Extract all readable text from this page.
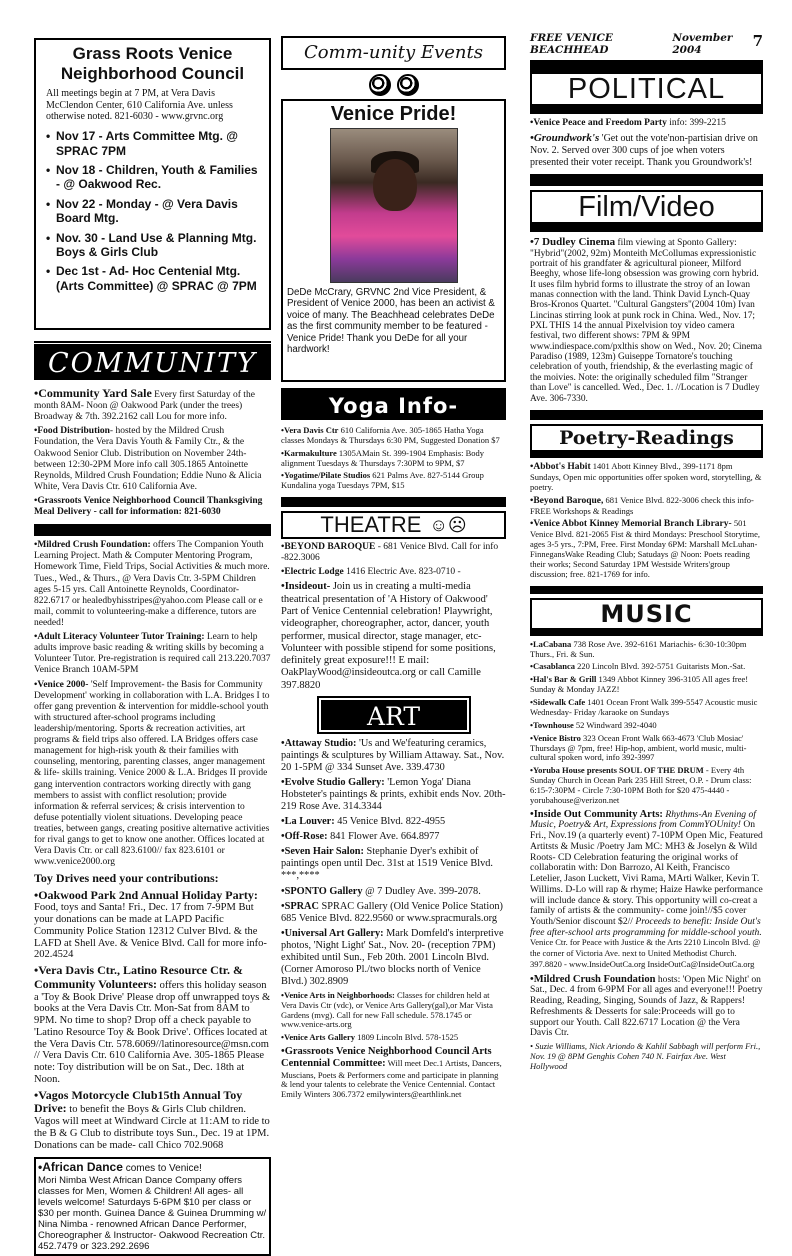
Grass Roots Venice Neighborhood Council

All meetings begin at 7 PM, at Vera Davis McClendon Center, 610 California Ave. unless otherwise noted. 821-6030 - www.grvnc.org

• Nov 17 - Arts Committee Mtg. @ SPRAC 7PM
• Nov 18 - Children, Youth & Families - @ Oakwood Rec.
• Nov 22 - Monday - @ Vera Davis Board Mtg.
• Nov. 30 - Land Use & Planning Mtg. Boys & Girls Club
• Dec 1st - Ad- Hoc Centenial Mtg. (Arts Committee) @ SPRAC @ 7PM
COMMUNITY

• Community Yard Sale Every first Saturday of the month 8AM- Noon @ Oakwood Park (under the trees) Broadway & 7th. 392.2162 call Lou for more info.

• Food Distribution- hosted by the Mildred Crush Foundation, the Vera Davis Youth & Family Ctr., & the Oakwood Senior Club. Distribution on November 24th-between 12:30-2PM More info call 305.1865 Antoinette Reynolds, Mildred Crush Foundation; Eddie Nuno & Alicia White, Vera Davis Ctr. 610 California Ave.

• Grassroots Venice Neighborhood Council Thanksgiving Meal Delivery - call for information: 821-6030

• Mildred Crush Foundation: offers The Companion Youth Learning Project. Math & Computer Mentoring Program, Homework Time, Field Trips, Social Activities & much more. Tues., Wed., & Thurs., @ Vera Davis Ctr. 3-5PM Children ages 5-15 yrs. Call Antoinette Reynolds, Coordinator- 822.6717 or healedbyhisstripes@yahoo.com Please call or e mail, commit to volunteering-make a difference, tutors are needed!

• Adult Literacy Volunteer Tutor Training: Learn to help adults improve basic reading & writing skills by becoming a Volunteer Tutor. Pre-registration is required call 213.220.7037 Venice Branch 10AM-5PM

• Venice 2000- 'Self Improvement- the Basis for Community Development' working in collaboration with L.A. Bridges I to offer gang prevention & intervention for middle-school youth with structured after-school programs including leadership/mentoring. Sports & recreation activities, art programs & field trips also offered. LA Bridges offers case management for high-risk youth & their families with counseling, mentoring, parenting classes, anger management & life- skills training. Venice 2000 & L.A. Bridges II provide gang intervention contractors working directly with gang members to assist with conflict resolution; provide information & referral services; & crisis intervention to defuse potentially violent situations. Developing peace treaties, between gangs, creating positive alternative activities for rival gangs to get to know one another. Offices located at Vera Davis Ctr. or call 823.6100// fax 823.6101 or www.venice2000.org

Toy Drives need your contributions:

• Oakwood Park 2nd Annual Holiday Party: Food, toys and Santa! Fri., Dec. 17 from 7-9PM But your donations can be made at LAPD Pacific Community Police Station 12312 Culver Blvd. & the LAFD at Shell Ave. & Venice Blvd. Call for more info- 202.4524

• Vera Davis Ctr., Latino Resource Ctr. & Community Volunteers: offers this holiday season a 'Toy & Book Drive' Please drop off unwrapped toys & books at the Vera Davis Ctr. Mon-Sat from 8AM to 9PM. No time to shop? Drop off a check payable to 'Latino Resource Toy & Book Drive'. Offices located at the Vera Davis Ctr. 578.6069//latinoresource@msn.com // Vera Davis Ctr. 610 California Ave. 305-1865 Please note: Toy distribution will be on Sat., Dec. 18th at Noon.

• Vagos Motorcycle Club15th Annual Toy Drive: to benefit the Boys & Girls Club children. Vagos will meet at Windward Circle at 11:AM to ride to the B & G Club to distribute toys Sun., Dec. 19 at 1PM. Donations can be made- call Chico 702.9068

• African Dance comes to Venice!

Mori Nimba West African Dance Company offers classes for Men, Women & Children! All ages- all levels welcome! Saturdays 5-6PM $10 per class or $30 per month. Guinea Dance & Guinea Drumming w/ Nina Nimba - renowned African Dance Performer, Choreographer & Instructor- Oakwood Recreation Ctr. 452.7479 or 323.292.2696

Comm-unity Events
Venice Pride!

DeDe McCrary, GRVNC 2nd Vice President, & President of Venice 2000, has been an activist & voice of many. The Beachhead celebrates DeDe as the first community member to be featured - Venice Pride! Thank you DeDe for all your hardwork!

Yoga Info-

• Vera Davis Ctr 610 California Ave. 305-1865 Hatha Yoga classes Mondays & Thursdays 6:30 PM, Suggested Donation $7

• Karmakulture 1305AMain St. 399-1904 Emphasis: Body alignment Tuesdays & Thursdays 7:30PM to 9PM, $7

• Yogatime/Pilate Studios 621 Palms Ave. 827-5144 Group Kundalina yoga Tuesdays 7PM, $15

THEATRE ☺☹

• BEYOND BAROQUE - 681 Venice Blvd. Call for info -822.3006

• Electric Lodge 1416 Electric Ave. 823-0710 -

• Insideout- Join us in creating a multi-media theatrical presentation of 'A History of Oakwood' Part of Venice Centennial celebration! Playwright, videographer, choreographer, actor, dancer, youth performer, musical director, stage manager, etc- Volunteer with possible stipend for some positions, definitely great exposure!!! E mail: OakPlayWood@insideoutca.org or call Camille 397.8820

ART

• Attaway Studio: 'Us and We'featuring ceramics, paintings & sculptures by William Attaway. Sat., Nov. 20 1-5PM @ 334 Sunset Ave. 339.4730

• Evolve Studio Gallery: 'Lemon Yoga' Diana Hobsteter's paintings & prints, exhibit ends Nov. 20th- 219 Rose Ave. 314.3344

• La Louver: 45 Venice Blvd. 822-4955

• Off-Rose: 841 Flower Ave. 664.8977

• Seven Hair Salon: Stephanie Dyer's exhibit of paintings open until Dec. 31st at 1519 Venice Blvd. ***,****

• SPONTO Gallery @ 7 Dudley Ave. 399-2078.

• SPRAC SPRAC Gallery (Old Venice Police Station) 685 Venice Blvd. 822.9560 or www.spracmurals.org

• Universal Art Gallery: Mark Domfeld's interpretive photos, 'Night Light' Sat., Nov. 20- (reception 7PM) exhibited until Sun., Feb 20th. 2001 Lincoln Blvd. (Corner Amoroso Pl./two blocks north of Venice Blvd.) 302.8909

• Venice Arts in Neighborhoods: Classes for children held at Vera Davis Ctr (vdc), or Venice Arts Gallery(gal),or Mar Vista Gardens (mvg). Call for new Fall schedule. 578.1745 or www.venice-arts.org

• Venice Arts Gallery 1809 Lincoln Blvd. 578-1525

• Grassroots Venice Neighborhood Council Arts Centennial Committee: Will meet Dec.1 Artists, Dancers, Muscians, Poets & Performers come and participate in planning & lend your talents to celebrate the Venice Centennial. Contact Emily Winters 306.7372 emilywinters@earthlink.net

FREE VENICE BEACHHEAD
November 2004	7
POLITICAL

• Venice Peace and Freedom Party info: 399-2215

• Groundwork's 'Get out the vote'non-partisian drive on Nov. 2. Served over 300 cups of joe when voters presented their voter receipt. Thank you Groundwork's!

Film/Video

• 7 Dudley Cinema film viewing at Sponto Gallery: "Hybrid"(2002, 92m) Monteith McCollumas expressionistic portrait of his grandfater & agricultural pioneer, Milford Beeghy, whose life-long obsession was growing corn hybrid. It uses film hybrid forms to illustrate the stroy of an Iowan manas connection with the land. Think David Lynch-Quay Bros-Kronos Quartet. "Cultural Gangsters"(2004 10m) Ivan Lincinas stirring look at punk rock in China. Wed., Nov. 17; PXL THIS 14 the annual Pixelvision toy video camera festival, two different shows: 7PM & 9PM www.indiespace.com/pxlthis show on Wed., Nov. 20; Cinema Paradiso (1989, 123m) Guiseppe Tornatore's touching celebration of youth, friendship, & the everlasting magic of the moivies. Note: the originally scheduled film "Stranger than Love" is cancelled. Wed., Dec. 1. //Location is 7 Dudley Ave. 306-7330.

Poetry-Readings

• Abbot's Habit 1401 Abott Kinney Blvd., 399-1171 8pm Sundays, Open mic opportunities offer spoken word, storytelling, & poetry.

• Beyond Baroque, 681 Venice Blvd. 822-3006 check this info- FREE Workshops & Readings

• Venice Abbot Kinney Memorial Branch Library- 501 Venice Blvd. 821-2065 Fist & third Mondays: Preschool Storytime, ages 3-5 yrs., 7:PM, Free. First Monday 6PM: Marshall McLuhan-FinnegansWake Reading Club; Satudays @ Noon: Poets reading their works; Second Saturday 1PM Westside Writers'group discussion; free. 821-1769 for info.

MUSIC

• LaCabana 738 Rose Ave. 392-6161 Mariachis- 6:30-10:30pm Thurs., Fri. & Sun.

• Casablanca 220 Lincoln Blvd. 392-5751 Guitarists Mon.-Sat.

• Hal's Bar & Grill 1349 Abbot Kinney 396-3105 All ages free! Sunday & Monday JAZZ!

• Sidewalk Cafe 1401 Ocean Front Walk 399-5547 Acoustic music Wednesday- Friday /karaoke on Sundays

• Townhouse 52 Windward 392-4040

• Venice Bistro 323 Ocean Front Walk 663-4673 'Club Mosiac' Thursdays @ 7pm, free! Hip-hop, ambient, world music, multi-cultural spoken word, info 392-3997

• Yoruba House presents SOUL OF THE DRUM - Every 4th Sunday Church in Ocean Park 235 Hill Street, O.P. - Drum class: 6:15-7:30PM - Circle 7:30-10PM Both for $20 475-4440 - yorubahouse@verizon.net

• Inside Out Community Arts: Rhythms-An Evening of Music, Poetry& Art, Expressions from CommYOUnity! On Fri., Nov.19 (a quarterly event) 7-10PM Open Mic, Featured Artitsts & Music /Poetry Jam MC: MH3 & Joselyn & Wild Roots- CD Celebration featuring the original works of collaboratin with: Don Barrozo, Al Keith, Francisco Letelier, Jason Luckett, Vivi Rama, MArti Walker, Kevin T. Willims. D-Lo will rap & rhyme; Haize Hawke performance will include dance & story. This opportunity will co-creat a family of artists & the community- come join!//$5 cover Youth/Senior discount $2// Proceeds to benefit: Inside Out's free after-school arts programming for middle-school youth. Venice Ctr. for Peace with Justice & the Arts 2210 Lincoln Blvd. @ the corner of Victoria Ave. next to United Methodist Church. 397.8820 - www.InsideOutCa.org InsideOutCa@InsideOutCa.org

• Mildred Crush Foundation hosts: 'Open Mic Night' on Sat., Dec. 4 from 6-9PM For all ages and everyone!!! Poetry Reading, Reading, Singing, Sounds of Jazz, & Rappers! Refreshments & Desserts for sale:Proceeds will go to support our Youth. Call 822.6717 Location @ the Vera Davis Ctr.

• Suzie Williams, Nick Ariondo & Kahlil Sabbagh will perform Fri., Nov. 19 @ 8PM Genghis Cohen 740 N. Fairfax Ave. West Hollywood
